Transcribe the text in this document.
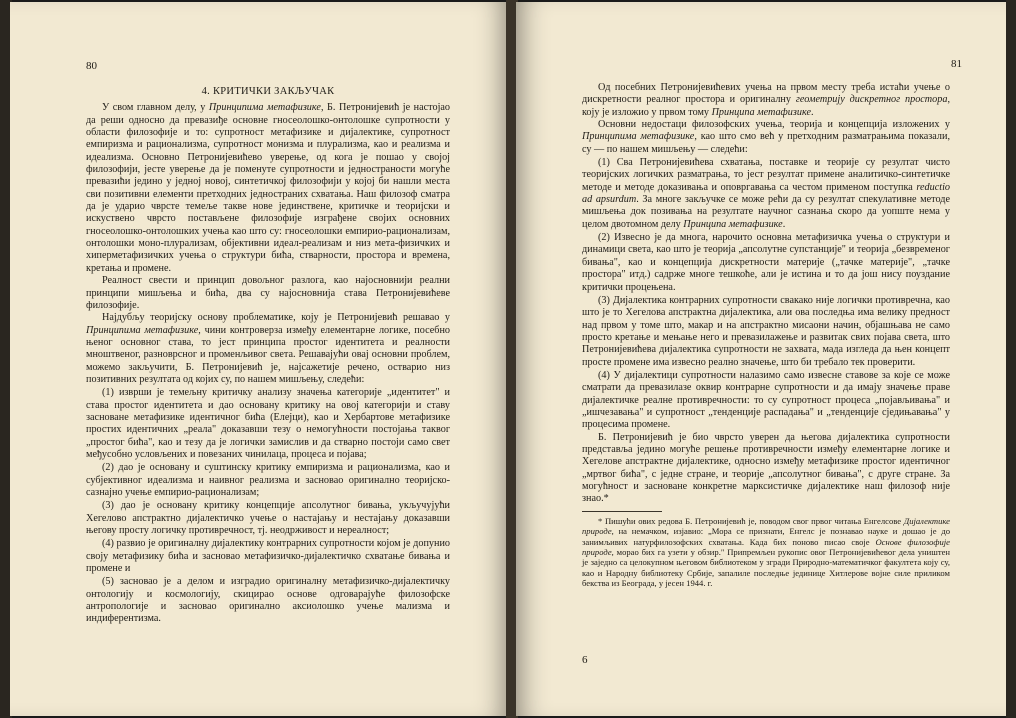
80

4. КРИТИЧКИ ЗАКЉУЧАК

У свом главном делу, у Принципима метафизике, Б. Петронијевић је настојао да реши односно да превазиђе основне гносеолошко-онтолошке супротности у области филозофије и то: супротност метафизике и дијалектике, супротност емпиризма и рационализма, супротност монизма и плурализма, као и реализма и идеализма. Основно Петронијевићево уверење, од кога је пошао у својој филозофији, јесте уверење да је поменуте супротности и једностраности могуће превазићи једино у једној новој, синтетичкој филозофији у којој би нашли места сви позитивни елементи претходних једностраних схватања. Наш филозоф сматра да је ударио чврсте темеље такве нове јединствене, критичке и теоријски и искуствено чврсто постављене филозофије изграђене својих основних гносеолошко-онтолошких учења као што су: гносеолошки емпирио-рационализам, онтолошки моно-плурализам, објективни идеал-реализам и низ мета-физичких и хиперметафизичких учења о структури бића, стварности, простора и времена, кретања и промене.

Реалност свести и принцип довољног разлога, као најосновнији реални принципи мишљења и бића, два су најосновнија става Петронијевићеве филозофије.

Најдубљу теоријску основу проблематике, коју је Петронијевић решавао у Принципима метафизике, чини контроверза између елементарне логике, посебно њеног основног става, то јест принципа простог идентитета и реалности мноштвеног, разноврсног и променљивог света. Решавајући овај основни проблем, можемо закључити, Б. Петронијевић је, најсажетије речено, остварио низ позитивних резултата од којих су, по нашем мишљењу, следећи:

(1) изврши је темељну критичку анализу значења категорије „идентитет" и става простог идентитета и дао основану критику на овој категорији и ставу засноване метафизике идентичног бића (Елејци), као и Хербартове метафизике простих идентичних „реала" доказавши тезу о немогућности постојања таквог „простог бића", као и тезу да је логички замислив и да стварно постоји само свет међусобно условљених и повезаних чинилаца, процеса и појава;

(2) дао је основану и суштинску критику емпиризма и рационализма, као и субјективног идеализма и наивног реализма и засновао оригинално теоријско-сазнајно учење емпирио-рационализам;

(3) дао је основану критику концепције апсолутног бивања, укључујући Хегелово апстрактно дијалектичко учење о настајању и нестајању доказавши његову просту логичку противречност, тј. неодрживост и нереалност;

(4) развио је оригиналну дијалектику контрарних супротности којом је допунио своју метафизику бића и засновао метафизичко-дијалектичко схватање бивања и промене и

(5) засновао је а делом и изградио оригиналну метафизичко-дијалектичку онтологију и космологију, скицирао основе одговарајуће филозофске антропологије и засновао оригинално аксиолошко учење мализма и индиферентизма.

81

Од посебних Петронијевићевих учења на првом месту треба истаћи учење о дискретности реалног простора и оригиналну геометрију дискретног простора, коју је изложио у првом тому Принципа метафизике.

Основни недостаци филозофских учења, теорија и концепција изложених у Принципима метафизике, као што смо већ у претходним разматрањима показали, су — по нашем мишљењу — следећи:

(1) Сва Петронијевићева схватања, поставке и теорије су резултат чисто теоријских логичких разматрања, то јест резултат примене аналитичко-синтетичке методе и методе доказивања и оповргавања са честом применом поступка reductio ad apsurdum. За многе закључке се може рећи да су резултат спекулативне методе мишљења док позивања на резултате научног сазнања скоро да уопште нема у целом двотомном делу Принципа метафизике.

(2) Извесно је да многа, нарочито основна метафизичка учења о структури и динамици света, као што је теорија „апсолутне супстанције" и теорија „безвременог бивања", као и концепција дискретности материје („тачке материје", „тачке простора" итд.) садрже многе тешкоће, али је истина и то да још нису поуздание критички процењена.

(3) Дијалектика контрарних супротности свакако није логички противречна, као што је то Хегелова апстрактна дијалектика, али ова последња има велику предност над првом у томе што, макар и на апстрактно мисаони начин, објашњава не само просто кретање и мењање него и превазилажење и развитак свих појава света, што Петронијевићева дијалектика супротности не захвата, мада изгледа да њен концепт просте промене има извесно реално значење, што би требало тек проверити.

(4) У дијалектици супротности налазимо само извесне ставове за које се може сматрати да превазилазе оквир контрарне супротности и да имају значење праве дијалектичке реалне противречности: то су супротност процеса „појављивања" и „ишчезавања" и супротност „тенденције распадања" и „тенденције сједињавања" у процесима промене.

Б. Петронијевић је био чврсто уверен да његова дијалектика супротности представља једино могуће решење противречности између елементарне логике и Хегелове апстрактне дијалектике, односно између метафизике простог идентичног „мртвог бића", с једне стране, и теорије „апсолутног бивања", с друге стране. За могућност и засноване конкретне марксистичке дијалектике наш филозоф није знао.*

* Пишући ових редова Б. Петронијевић је, поводом свог првог читања Енгелсове Дијалектике природе, на немачком, изјавио: „Мора се признати, Енгелс је познавао науке и дошао је до занимљивих натурфилозофских схватања. Када бих поново писао своје Основе филозофије природе, морао бих га узети у обзир." Припремљен рукопис овог Петронијевићевог дела уништен је заједно са целокупном његовом библиотеком у згради Природно-математичког факултета коју су, као и Народну библиотеку Србије, запалиле последње јединице Хитлерове војне силе приликом бекства из Београда, у јесен 1944. г.

6
